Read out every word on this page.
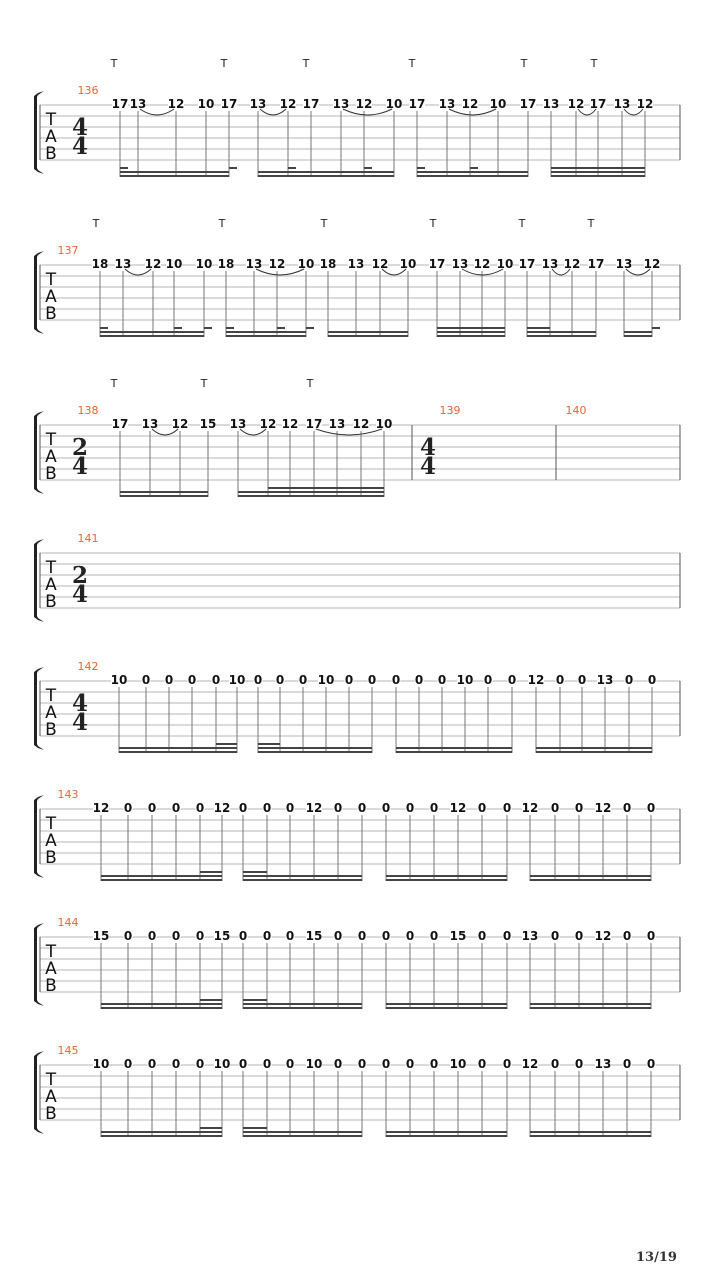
T
A
B
136
4
4
17 13 12 10 17 13 12 17 13 12 10 17 13 12 10 17 13 12 17 13 12
T	T	T	T	T	T
T
A
B
137
18 13 12 10 10 18 13 12 10 18 13 12 10 17 13 12 10 17 13 12 17 13 12
T	T	T	T	T	T
T
A
B
138
2
4
17 13 12 15 13 12 12 17 13 12 10
T	T	T
139
4
4
140
T
A
B
141
2
4
T
A
B
142
4
4
10 0 0 0 0 10 0 0 0 10 0 0 0 0 0 10 0 0 12 0 0 13 0 0
T
A
B
143
12 0 0 0 0 12 0 0 0 12 0 0 0 0 0 12 0 0 12 0 0 12 0 0
T
A
B
144
15 0 0 0 0 15 0 0 0 15 0 0 0 0 0 15 0 0 13 0 0 12 0 0
T
A
B
145
10 0 0 0 0 10 0 0 0 10 0 0 0 0 0 10 0 0 12 0 0 13 0 0
13/19
